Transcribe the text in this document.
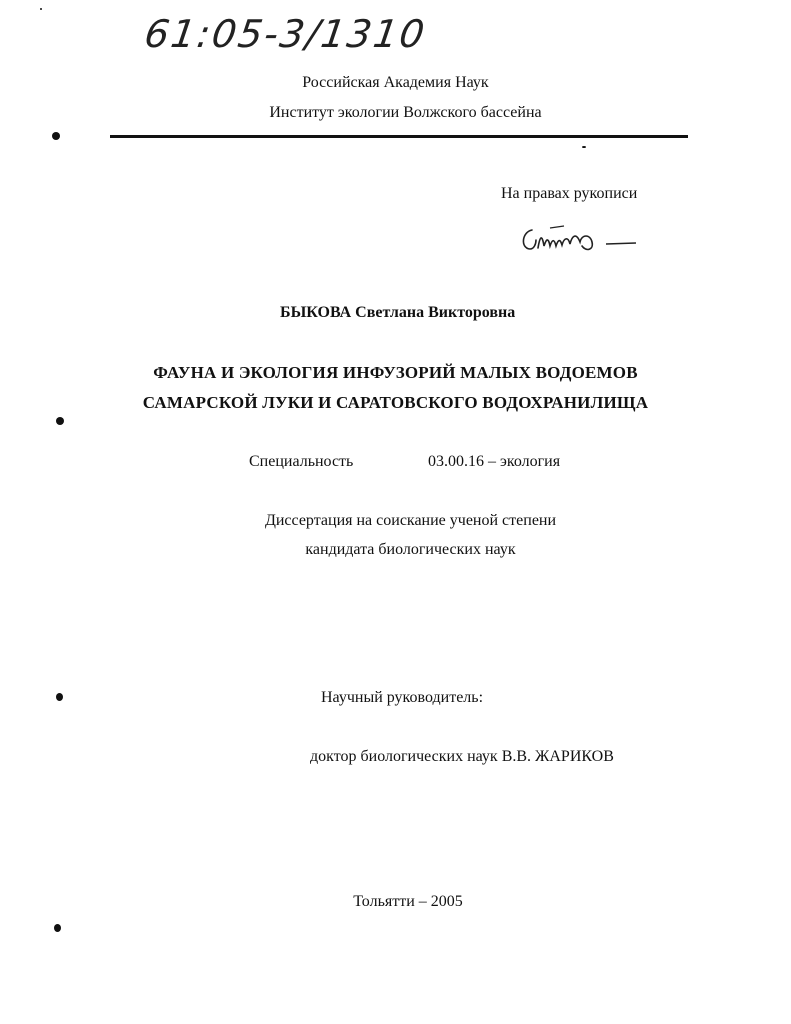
61:05-3/1310
Российская Академия Наук
Институт экологии Волжского бассейна
На правах рукописи
БЫКОВА Светлана Викторовна
ФАУНА И ЭКОЛОГИЯ ИНФУЗОРИЙ МАЛЫХ ВОДОЕМОВ
САМАРСКОЙ ЛУКИ И САРАТОВСКОГО ВОДОХРАНИЛИЩА
Специальность	03.00.16 – экология
Диссертация на соискание ученой степени
кандидата биологических наук
Научный руководитель:
доктор биологических наук В.В. ЖАРИКОВ
Тольятти – 2005
